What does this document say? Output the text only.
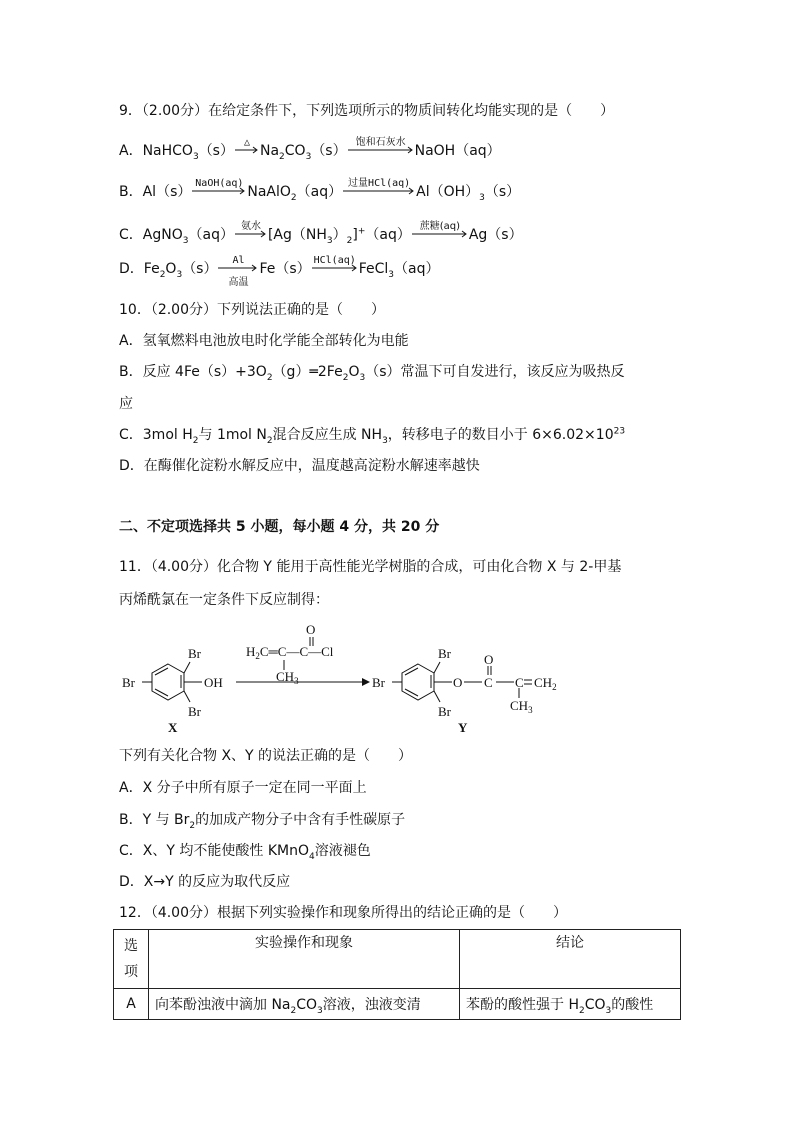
9．（2.00分）在给定条件下，下列选项所示的物质间转化均能实现的是（　　）
A．NaHCO$_3$（s）
△
$Na_2CO_3(s)$
饱和石灰水
NaOH（aq）
B．Al（s）
NaOH(aq)
NaAlO$_2$（aq）
过量HCl(aq)
$Al(OH)_3(s)$
C．AgNO$_3$（aq）
氨水
$[Ag(NH_3)_2]^+(aq)$
蔗糖(aq)
Ag（s）
D．$Fe_2O_3(s)$
Al
高温
Fe（s）
HCl(aq)
FeCl$_3$（aq）
10．（2.00分）下列说法正确的是（　　）
A．氢氧燃料电池放电时化学能全部转化为电能
B．反应 $4Fe(s)+3O_2(g)═2Fe_2O_3(s)$常温下可自发进行，该反应为吸热反
应
C．3mol $H_2$与 1mol $N_2$混合反应生成 $NH_3$，转移电子的数目小于 $6\times 6.02\times 10^{23}$
D．在酶催化淀粉水解反应中，温度越高淀粉水解速率越快
二、不定项选择共 5 小题，每小题 4 分，共 20 分
11．（4.00分）化合物 Y 能用于高性能光学树脂的合成，可由化合物 X 与 2-甲基
丙烯酰氯在一定条件下反应制得：
$H_2C═C—C—Cl$
O
$CH_3$
Br
Br
Br
OH
X
Br
Br
Br
O C
O
C $CH_2$
$CH_3$
Y
下列有关化合物 X、Y 的说法正确的是（　　）
A．X 分子中所有原子一定在同一平面上
B．Y 与 $Br_2$的加成产物分子中含有手性碳原子
C．X、Y 均不能使酸性 KMnO$_4$溶液褪色
D．X→Y 的反应为取代反应
12．（4.00分）根据下列实验操作和现象所得出的结论正确的是（　　）
选
项	实验操作和现象	结论
A	向苯酚浊液中滴加 $Na_2CO_3$溶液，浊液变清	苯酚的酸性强于 $H_2CO_3$的酸性
